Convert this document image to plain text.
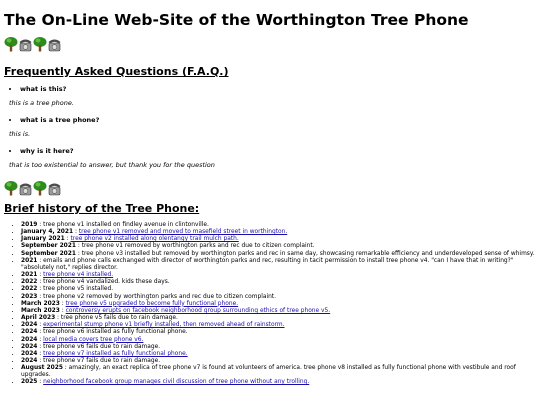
The On-Line Web-Site of the Worthington Tree Phone
Frequently Asked Questions (F.A.Q.)
• what is this?

this is a tree phone.

• what is a tree phone?

this is.

• why is it here?

that is too existential to answer, but thank you for the question

Brief history of the Tree Phone:
• 2019 : tree phone v1 installed on findley avenue in clintonville.
• January 4, 2021 : tree phone v1 removed and moved to masefield street in worthington.
• January 2021 : tree phone v2 installed along olentangy trail mulch path.
• September 2021 : tree phone v1 removed by worthington parks and rec due to citizen complaint.
• September 2021 : tree phone v3 installed but removed by worthington parks and rec in same day, showcasing remarkable efficiency and underdeveloped sense of whimsy.
• 2021 : emails and phone calls exchanged with director of worthington parks and rec, resulting in tacit permission to install tree phone v4. "can I have that in writing?" "absolutely not," replies director.
• 2021 : tree phone v4 installed.
• 2022 : tree phone v4 vandalized. kids these days.
• 2022 : tree phone v5 installed.
• 2023 : tree phone v2 removed by worthington parks and rec due to citizen complaint.
• March 2023 : tree phone v5 upgraded to become fully functional phone.
• March 2023 : controversy erupts on facebook neighborhood group surrounding ethics of tree phone v5.
• April 2023 : tree phone v5 fails due to rain damage.
• 2024 : experimental stump phone v1 briefly installed, then removed ahead of rainstorm.
• 2024 : tree phone v6 installed as fully functional phone.
• 2024 : local media covers tree phone v6.
• 2024 : tree phone v6 fails due to rain damage.
• 2024 : tree phone v7 installed as fully functional phone.
• 2024 : tree phone v7 fails due to rain damage.
• August 2025 : amazingly, an exact replica of tree phone v7 is found at volunteers of america. tree phone v8 installed as fully functional phone with vestibule and roof upgrades.
• 2025 : neighborhood facebook group manages civil discussion of tree phone without any trolling.
